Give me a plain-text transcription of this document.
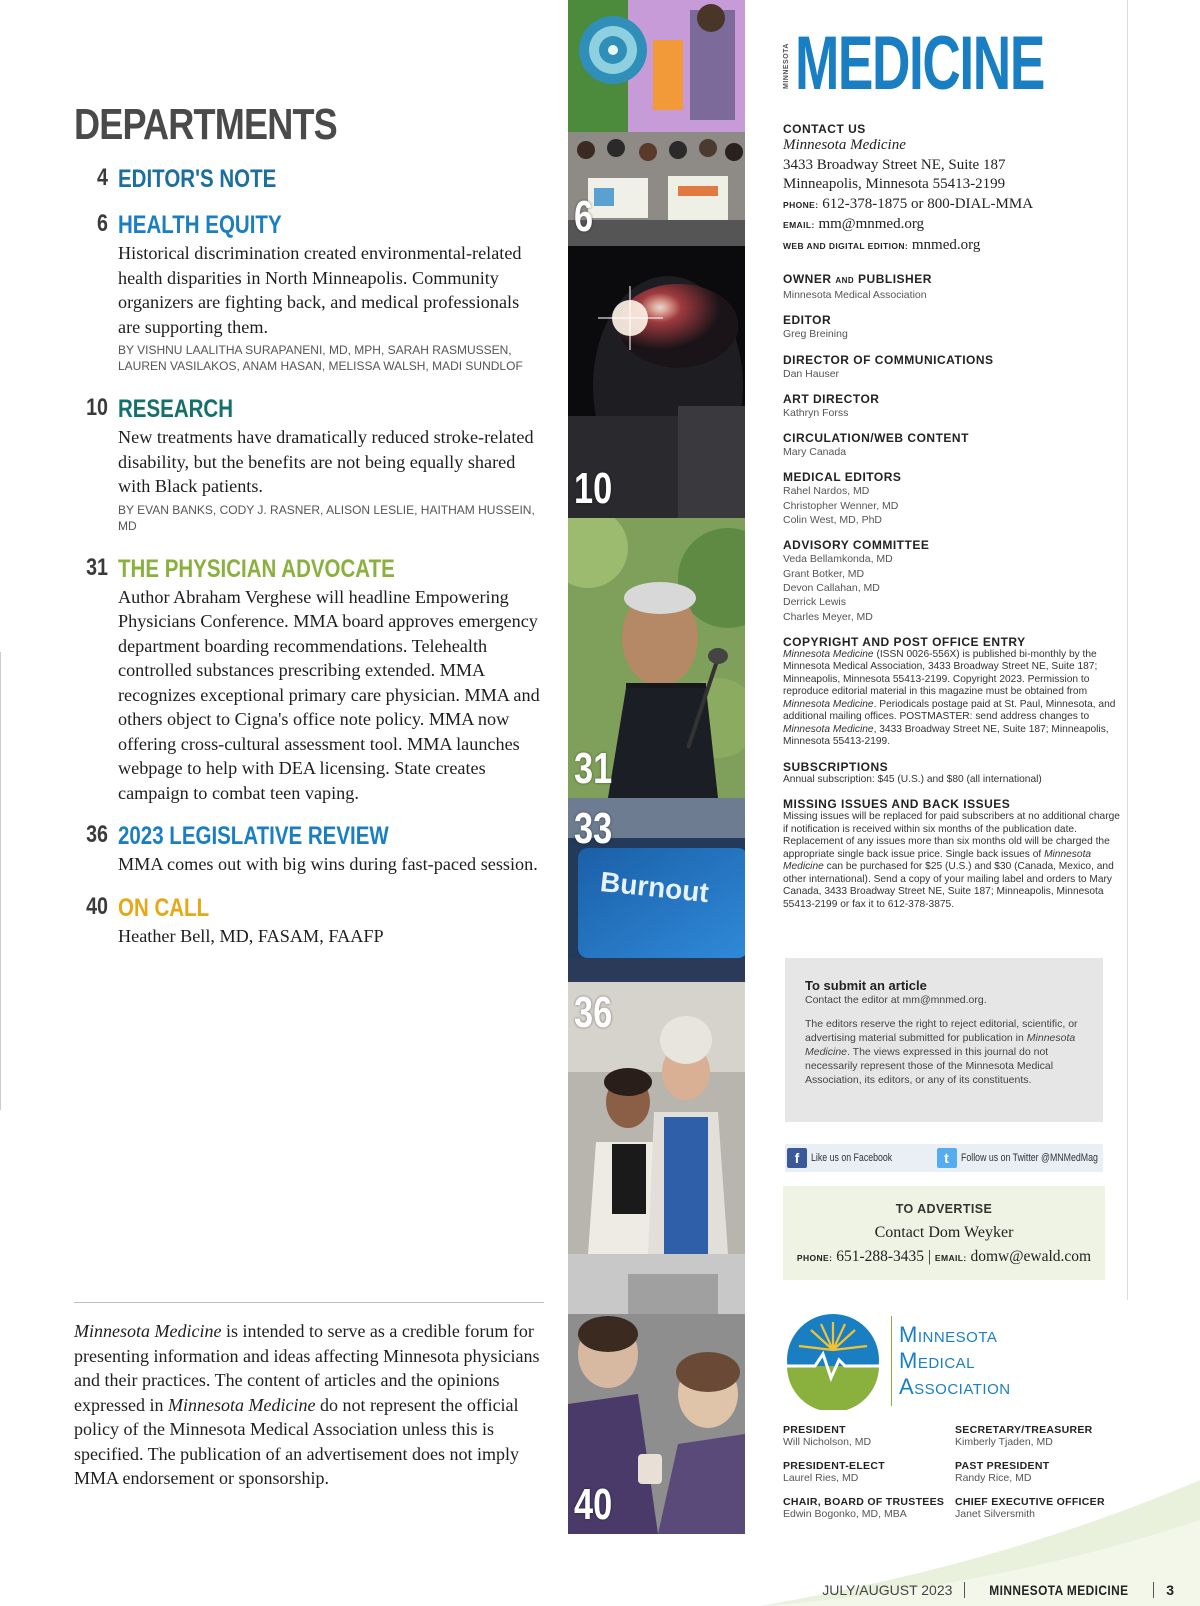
DEPARTMENTS
4 EDITOR'S NOTE
6 HEALTH EQUITY
Historical discrimination created environmental-related health disparities in North Minneapolis. Community organizers are fighting back, and medical professionals are supporting them.
BY VISHNU LAALITHA SURAPANENI, MD, MPH, SARAH RASMUSSEN, LAUREN VASILAKOS, ANAM HASAN, MELISSA WALSH, MADI SUNDLOF
10 RESEARCH
New treatments have dramatically reduced stroke-related disability, but the benefits are not being equally shared with Black patients.
BY EVAN BANKS, CODY J. RASNER, ALISON LESLIE, HAITHAM HUSSEIN, MD
31 THE PHYSICIAN ADVOCATE
Author Abraham Verghese will headline Empowering Physicians Conference. MMA board approves emergency department boarding recommendations. Telehealth controlled substances prescribing extended. MMA recognizes exceptional primary care physician. MMA and others object to Cigna's office note policy. MMA now offering cross-cultural assessment tool. MMA launches webpage to help with DEA licensing. State creates campaign to combat teen vaping.
36 2023 LEGISLATIVE REVIEW
MMA comes out with big wins during fast-paced session.
40 ON CALL
Heather Bell, MD, FASAM, FAAFP
Minnesota Medicine is intended to serve as a credible forum for presenting information and ideas affecting Minnesota physicians and their practices. The content of articles and the opinions expressed in Minnesota Medicine do not represent the official policy of the Minnesota Medical Association unless this is specified. The publication of an advertisement does not imply MMA endorsement or sponsorship.
6
10
31
Burnout
33
36
40
MINNESOTA MEDICINE
CONTACT US
Minnesota Medicine
3433 Broadway Street NE, Suite 187
Minneapolis, Minnesota 55413-2199
PHONE: 612-378-1875 or 800-DIAL-MMA
EMAIL: mm@mnmed.org
WEB AND DIGITAL EDITION: mnmed.org
OWNER AND PUBLISHER
Minnesota Medical Association
EDITOR
Greg Breining
DIRECTOR OF COMMUNICATIONS
Dan Hauser
ART DIRECTOR
Kathryn Forss
CIRCULATION/WEB CONTENT
Mary Canada
MEDICAL EDITORS
Rahel Nardos, MD
Christopher Wenner, MD
Colin West, MD, PhD
ADVISORY COMMITTEE
Veda Bellamkonda, MD
Grant Botker, MD
Devon Callahan, MD
Derrick Lewis
Charles Meyer, MD
COPYRIGHT AND POST OFFICE ENTRY
Minnesota Medicine (ISSN 0026-556X) is published bi-monthly by the Minnesota Medical Association, 3433 Broadway Street NE, Suite 187; Minneapolis, Minnesota 55413-2199. Copyright 2023. Permission to reproduce editorial material in this magazine must be obtained from Minnesota Medicine. Periodicals postage paid at St. Paul, Minnesota, and additional mailing offices. POSTMASTER: send address changes to Minnesota Medicine, 3433 Broadway Street NE, Suite 187; Minneapolis, Minnesota 55413-2199.
SUBSCRIPTIONS
Annual subscription: $45 (U.S.) and $80 (all international)
MISSING ISSUES AND BACK ISSUES
Missing issues will be replaced for paid subscribers at no additional charge if notification is received within six months of the publication date. Replacement of any issues more than six months old will be charged the appropriate single back issue price. Single back issues of Minnesota Medicine can be purchased for $25 (U.S.) and $30 (Canada, Mexico, and other international). Send a copy of your mailing label and orders to Mary Canada, 3433 Broadway Street NE, Suite 187; Minneapolis, Minnesota 55413-2199 or fax it to 612-378-3875.
To submit an article
Contact the editor at mm@mnmed.org.
The editors reserve the right to reject editorial, scientific, or advertising material submitted for publication in Minnesota Medicine. The views expressed in this journal do not necessarily represent those of the Minnesota Medical Association, its editors, or any of its constituents.
f	Like us on Facebook	t	Follow us on Twitter @MNMedMag
TO ADVERTISE
Contact Dom Weyker
PHONE: 651-288-3435 | EMAIL: domw@ewald.com
Minnesota
Medical
Association
PRESIDENT
Will Nicholson, MD
SECRETARY/TREASURER
Kimberly Tjaden, MD
PRESIDENT-ELECT
Laurel Ries, MD
PAST PRESIDENT
Randy Rice, MD
CHAIR, BOARD OF TRUSTEES
Edwin Bogonko, MD, MBA
CHIEF EXECUTIVE OFFICER
Janet Silversmith
JULY/AUGUST 2023	MINNESOTA MEDICINE	3
